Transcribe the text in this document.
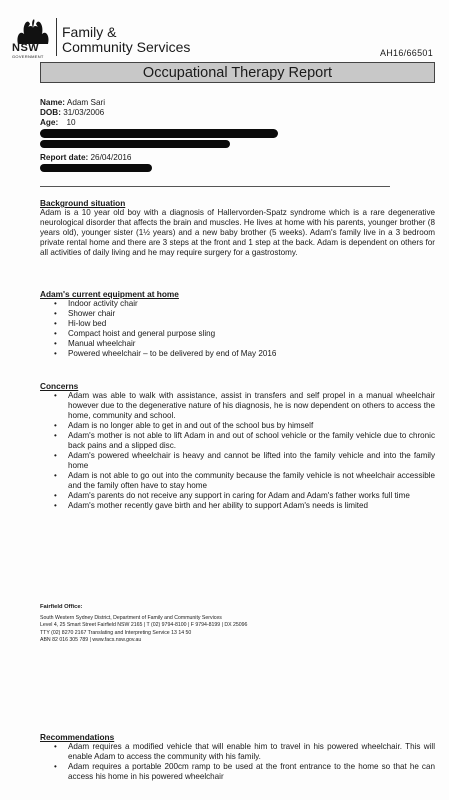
NSW
GOVERNMENT
Family &
Community Services	AH16/66501
Occupational Therapy Report
Name: Adam Sari
DOB: 31/03/2006
Age: 10
Report date: 26/04/2016
Background situation
Adam is a 10 year old boy with a diagnosis of Hallervorden-Spatz syndrome which is a rare degenerative neurological disorder that affects the brain and muscles. He lives at home with his parents, younger brother (8 years old), younger sister (1½ years) and a new baby brother (5 weeks). Adam's family live in a 3 bedroom private rental home and there are 3 steps at the front and 1 step at the back. Adam is dependent on others for all activities of daily living and he may require surgery for a gastrostomy.
Adam's current equipment at home
• Indoor activity chair
• Shower chair
• Hi-low bed
• Compact hoist and general purpose sling
• Manual wheelchair
• Powered wheelchair – to be delivered by end of May 2016
Concerns
• Adam was able to walk with assistance, assist in transfers and self propel in a manual wheelchair however due to the degenerative nature of his diagnosis, he is now dependent on others to access the home, community and school.
• Adam is no longer able to get in and out of the school bus by himself
• Adam's mother is not able to lift Adam in and out of school vehicle or the family vehicle due to chronic back pains and a slipped disc.
• Adam's powered wheelchair is heavy and cannot be lifted into the family vehicle and into the family home
• Adam is not able to go out into the community because the family vehicle is not wheelchair accessible and the family often have to stay home
• Adam's parents do not receive any support in caring for Adam and Adam's father works full time
• Adam's mother recently gave birth and her ability to support Adam's needs is limited
Fairfield Office:
South Western Sydney District, Department of Family and Community Services
Level 4, 25 Smart Street Fairfield NSW 2165 | T (02) 9794-8100 | F 9794-8199 | DX 25096
TTY (02) 8270 2167 Translating and Interpreting Service 13 14 50
ABN 82 016 305 789 | www.facs.nsw.gov.au
Recommendations
• Adam requires a modified vehicle that will enable him to travel in his powered wheelchair. This will enable Adam to access the community with his family.
• Adam requires a portable 200cm ramp to be used at the front entrance to the home so that he can access his home in his powered wheelchair
